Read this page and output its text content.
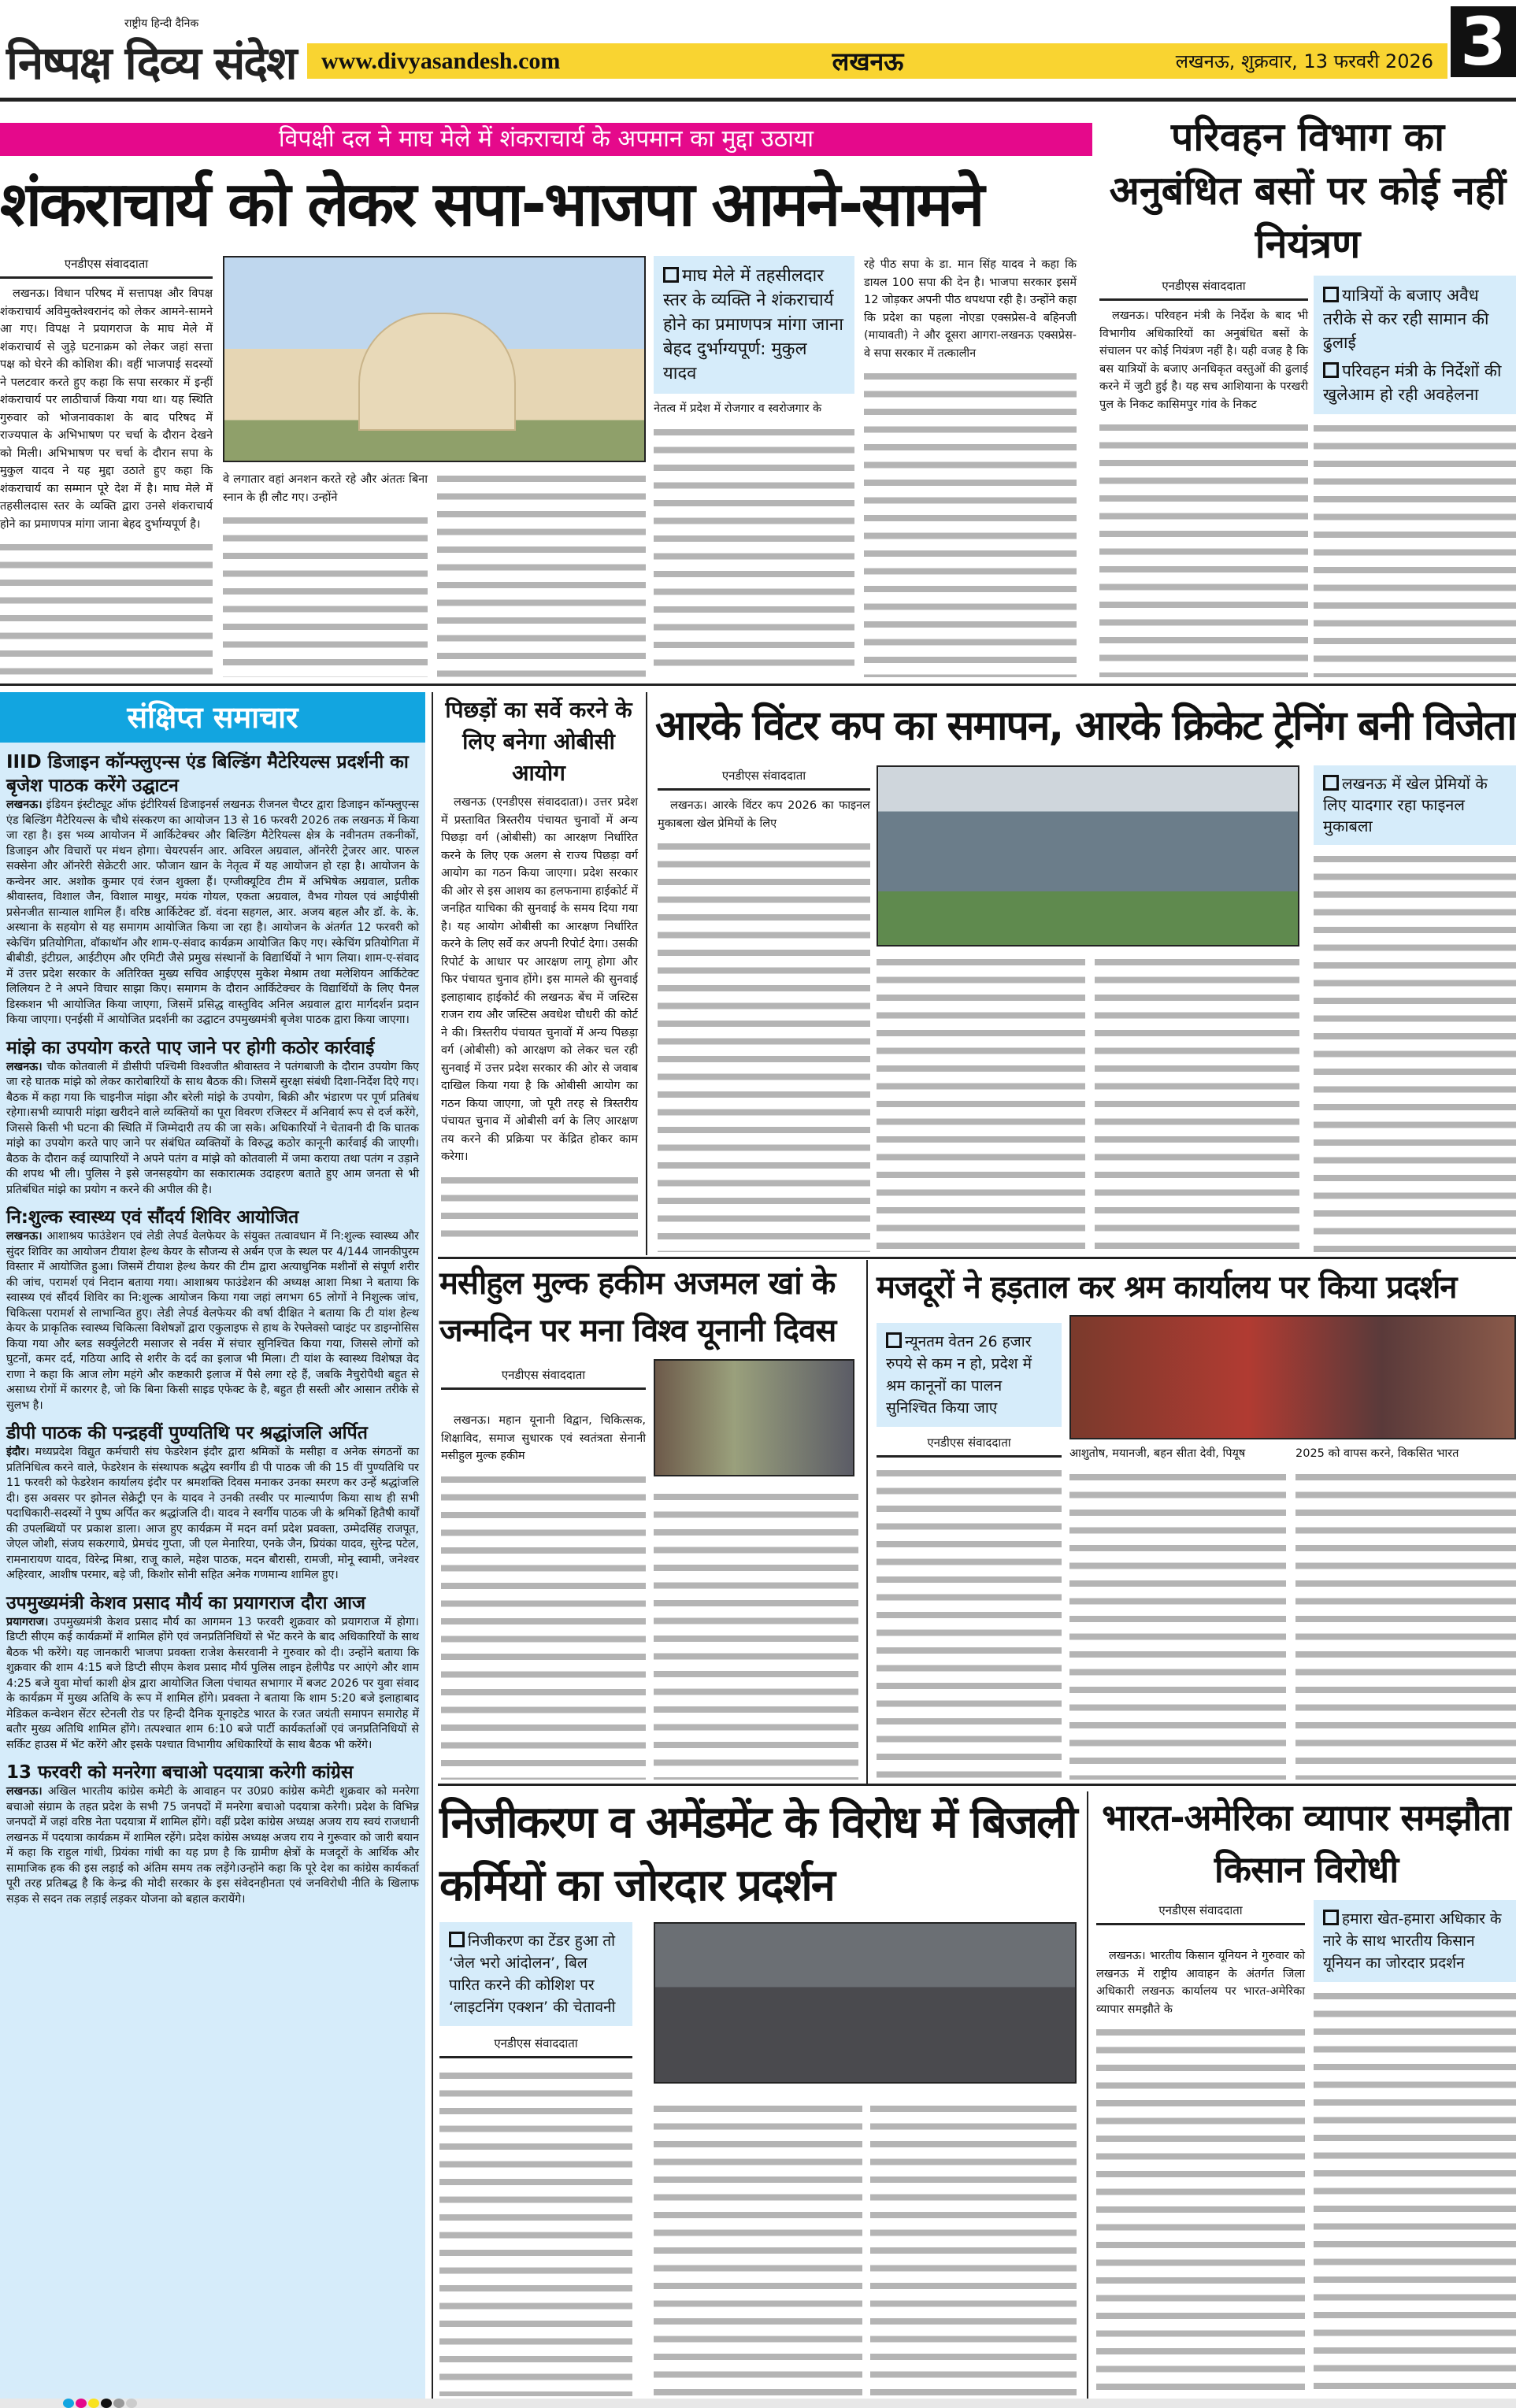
राष्ट्रीय हिन्दी दैनिक
निष्पक्ष दिव्य संदेश www.divyasandesh.com	लखनऊ	लखनऊ, शुक्रवार, 13 फरवरी 2026 3
विपक्षी दल ने माघ मेले में शंकराचार्य के अपमान का मुद्दा उठाया
शंकराचार्य को लेकर सपा-भाजपा आमने-सामने
एनडीएस संवाददाता
लखनऊ। विधान परिषद में सत्तापक्ष और विपक्ष शंकराचार्य अविमुक्तेश्वरानंद को लेकर आमने-सामने आ गए। विपक्ष ने प्रयागराज के माघ मेले में शंकराचार्य से जुड़े घटनाक्रम को लेकर जहां सत्ता पक्ष को घेरने की कोशिश की। वहीं भाजपाई सदस्यों ने पलटवार करते हुए कहा कि सपा सरकार में इन्हीं शंकराचार्य पर लाठीचार्ज किया गया था। यह स्थिति गुरुवार को भोजनावकाश के बाद परिषद में राज्यपाल के अभिभाषण पर चर्चा के दौरान देखने को मिली। अभिभाषण पर चर्चा के दौरान सपा के मुकुल यादव ने यह मुद्दा उठाते हुए कहा कि शंकराचार्य का सम्मान पूरे देश में है। माघ मेले में तहसीलदास स्तर के व्यक्ति द्वारा उनसे शंकराचार्य होने का प्रमाणपत्र मांगा जाना बेहद दुर्भाग्यपूर्ण है।
वे लगातार वहां अनशन करते रहे और अंततः बिना स्नान के ही लौट गए। उन्होंने

माघ मेले में तहसीलदार स्तर के व्यक्ति ने शंकराचार्य होने का प्रमाणपत्र मांगा जाना बेहद दुर्भाग्यपूर्ण: मुकुल यादव

नेतत्व में प्रदेश में रोजगार व स्वरोजगार के
रहे पीठ सपा के डा. मान सिंह यादव ने कहा कि डायल 100 सपा की देन है। भाजपा सरकार इसमें 12 जोड़कर अपनी पीठ थपथपा रही है। उन्होंने कहा कि प्रदेश का पहला नोएडा एक्सप्रेस-वे बहिनजी (मायावती) ने और दूसरा आगरा-लखनऊ एक्सप्रेस-वे सपा सरकार में तत्कालीन
परिवहन विभाग का अनुबंधित बसों पर कोई नहीं नियंत्रण
एनडीएस संवाददाता
लखनऊ। परिवहन मंत्री के निर्देश के बाद भी विभागीय अधिकारियों का अनुबंधित बसों के संचालन पर कोई नियंत्रण नहीं है। यही वजह है कि बस यात्रियों के बजाए अनधिकृत वस्तुओं की ढुलाई करने में जुटी हुई है। यह सच आशियाना के परखरी पुल के निकट कासिमपुर गांव के निकट

यात्रियों के बजाए अवैध तरीके से कर रही सामान की ढुलाई

परिवहन मंत्री के निर्देशों की खुलेआम हो रही अवहेलना

संक्षिप्त समाचार
IIID डिजाइन कॉन्फ्लुएन्स एंड बिल्डिंग मैटेरियल्स प्रदर्शनी का बृजेश पाठक करेंगे उद्घाटन

लखनऊ। इंडियन इंस्टीट्यूट ऑफ इंटीरियर्स डिजाइनर्स लखनऊ रीजनल चैप्टर द्वारा डिजाइन कॉन्फ्लुएन्स एंड बिल्डिंग मैटेरियल्स के चौथे संस्करण का आयोजन 13 से 16 फरवरी 2026 तक लखनऊ में किया जा रहा है। इस भव्य आयोजन में आर्किटेक्चर और बिल्डिंग मैटेरियल्स क्षेत्र के नवीनतम तकनीकों, डिजाइन और विचारों पर मंथन होगा। चेयरपर्सन आर. अविरल अग्रवाल, ऑनरेरी ट्रेजरर आर. पारुल सक्सेना और ऑनरेरी सेक्रेटरी आर. फौजान खान के नेतृत्व में यह आयोजन हो रहा है। आयोजन के कन्वेनर आर. अशोक कुमार एवं रंजन शुक्ला हैं। एग्जीक्यूटिव टीम में अभिषेक अग्रवाल, प्रतीक श्रीवास्तव, विशाल जैन, विशाल माथुर, मयंक गोयल, एकता अग्रवाल, वैभव गोयल एवं आईपीसी प्रसेनजीत सान्याल शामिल हैं। वरिष्ठ आर्किटेक्ट डॉ. वंदना सहगल, आर. अजय बहल और डॉ. के. के. अस्थाना के सहयोग से यह समागम आयोजित किया जा रहा है। आयोजन के अंतर्गत 12 फरवरी को स्केचिंग प्रतियोगिता, वॉकाथॉन और शाम-ए-संवाद कार्यक्रम आयोजित किए गए। स्केचिंग प्रतियोगिता में बीबीडी, इंटीग्रल, आईटीएम और एमिटी जैसे प्रमुख संस्थानों के विद्यार्थियों ने भाग लिया। शाम-ए-संवाद में उत्तर प्रदेश सरकार के अतिरिक्त मुख्य सचिव आईएएस मुकेश मेश्राम तथा मलेशियन आर्किटेक्ट लिलियन टे ने अपने विचार साझा किए। समागम के दौरान आर्किटेक्चर के विद्यार्थियों के लिए पैनल डिस्कशन भी आयोजित किया जाएगा, जिसमें प्रसिद्ध वास्तुविद अनिल अग्रवाल द्वारा मार्गदर्शन प्रदान किया जाएगा। एनईसी में आयोजित प्रदर्शनी का उद्घाटन उपमुख्यमंत्री बृजेश पाठक द्वारा किया जाएगा।

मांझे का उपयोग करते पाए जाने पर होगी कठोर कार्रवाई

लखनऊ। चौक कोतवाली में डीसीपी पश्चिमी विश्वजीत श्रीवास्तव ने पतंगबाजी के दौरान उपयोग किए जा रहे घातक मांझे को लेकर कारोबारियों के साथ बैठक की। जिसमें सुरक्षा संबंधी दिशा-निर्देश दिऐ गए। बैठक में कहा गया कि चाइनीज मांझा और बरेली मांझे के उपयोग, बिक्री और भंडारण पर पूर्ण प्रतिबंध रहेगा।सभी व्यापारी मांझा खरीदने वाले व्यक्तियों का पूरा विवरण रजिस्टर में अनिवार्य रूप से दर्ज करेंगे, जिससे किसी भी घटना की स्थिति में जिम्मेदारी तय की जा सके। अधिकारियों ने चेतावनी दी कि घातक मांझे का उपयोग करते पाए जाने पर संबंधित व्यक्तियों के विरुद्ध कठोर कानूनी कार्रवाई की जाएगी। बैठक के दौरान कई व्यापारियों ने अपने पतंग व मांझे को कोतवाली में जमा कराया तथा पतंग न उड़ाने की शपथ भी ली। पुलिस ने इसे जनसहयोग का सकारात्मक उदाहरण बताते हुए आम जनता से भी प्रतिबंधित मांझे का प्रयोग न करने की अपील की है।

नि:शुल्क स्वास्थ्य एवं सौंदर्य शिविर आयोजित

लखनऊ। आशाश्रय फाउंडेशन एवं लेडी लेपर्ड वेलफेयर के संयुक्त तत्वावधान में नि:शुल्क स्वास्थ्य और सुंदर शिविर का आयोजन टीयाश हेल्थ केयर के सौजन्य से अर्बन एज के स्थल पर 4/144 जानकीपुरम विस्तार में आयोजित हुआ। जिसमें टीयाश हेल्थ केयर की टीम द्वारा अत्याधुनिक मशीनों से संपूर्ण शरीर की जांच, परामर्श एवं निदान बताया गया। आशाश्रय फाउंडेशन की अध्यक्ष आशा मिश्रा ने बताया कि स्वास्थ्य एवं सौंदर्य शिविर का नि:शुल्क आयोजन किया गया जहां लगभग 65 लोगों ने निशुल्क जांच, चिकित्सा परामर्श से लाभान्वित हुए। लेडी लेपर्ड वेलफेयर की वर्षा दीक्षित ने बताया कि टी यांश हेल्थ केयर के प्राकृतिक स्वास्थ्य चिकित्सा विशेषज्ञों द्वारा एकुलाइफ से हाथ के रेफ्लेक्सो प्वाइंट पर डाइग्नोसिस किया गया और ब्लड सर्क्युलेटरी मसाजर से नर्वस में संचार सुनिश्चित किया गया, जिससे लोगों को घुटनों, कमर दर्द, गठिया आदि से शरीर के दर्द का इलाज भी मिला। टी यांश के स्वास्थ्य विशेषज्ञ वेद राणा ने कहा कि आज लोग महंगे और कष्टकारी इलाज में पैसे लगा रहे हैं, जबकि नैचुरोपैथी बहुत से असाध्य रोगों में कारगर है, जो कि बिना किसी साइड एफेक्ट के है, बहुत ही सस्ती और आसान तरीके से सुलभ है।

डीपी पाठक की पन्द्रहवीं पुण्यतिथि पर श्रद्धांजलि अर्पित

इंदौर। मध्यप्रदेश विद्युत कर्मचारी संघ फेडरेशन इंदौर द्वारा श्रमिकों के मसीहा व अनेक संगठनों का प्रतिनिधित्व करने वाले, फेडरेशन के संस्थापक श्रद्धेय स्वर्गीय डी पी पाठक जी की 15 वीं पुण्यतिथि पर 11 फरवरी को फेडरेशन कार्यालय इंदौर पर श्रमशक्ति दिवस मनाकर उनका स्मरण कर उन्हें श्रद्धांजलि दी। इस अवसर पर झोनल सेक्रेट्री एन के यादव ने उनकी तस्वीर पर माल्यार्पण किया साथ ही सभी पदाधिकारी-सदस्यों ने पुष्प अर्पित कर श्रद्धांजलि दी। यादव ने स्वर्गीय पाठक जी के श्रमिकों हितैषी कार्यों की उपलब्धियों पर प्रकाश डाला। आज हुए कार्यक्रम में मदन वर्मा प्रदेश प्रवक्ता, उम्मेदसिंह राजपूत, जेएल जोशी, संजय सकरगाये, प्रेमचंद गुप्ता, जी एल मेनारिया, एनके जैन, प्रियंका यादव, सुरेन्द्र पटेल, रामनारायण यादव, विरेन्द्र मिश्रा, राजू काले, महेश पाठक, मदन बौरासी, रामजी, मोनू स्वामी, जनेश्वर अहिरवार, आशीष परमार, बड़े जी, किशोर सोनी सहित अनेक गणमान्य शामिल हुए।

उपमुख्यमंत्री केशव प्रसाद मौर्य का प्रयागराज दौरा आज

प्रयागराज। उपमुख्यमंत्री केशव प्रसाद मौर्य का आगमन 13 फरवरी शुक्रवार को प्रयागराज में होगा। डिप्टी सीएम कई कार्यक्रमों में शामिल होंगे एवं जनप्रतिनिधियों से भेंट करने के बाद अधिकारियों के साथ बैठक भी करेंगे। यह जानकारी भाजपा प्रवक्ता राजेश केसरवानी ने गुरुवार को दी। उन्होंने बताया कि शुक्रवार की शाम 4:15 बजे डिप्टी सीएम केशव प्रसाद मौर्य पुलिस लाइन हेलीपैड पर आएंगे और शाम 4:25 बजे युवा मोर्चा काशी क्षेत्र द्वारा आयोजित जिला पंचायत सभागार में बजट 2026 पर युवा संवाद के कार्यक्रम में मुख्य अतिथि के रूप में शामिल होंगे। प्रवक्ता ने बताया कि शाम 5:20 बजे इलाहाबाद मेडिकल कन्वेशन सेंटर स्टेनली रोड पर हिन्दी दैनिक यूनाइटेड भारत के रजत जयंती समापन समारोह में बतौर मुख्य अतिथि शामिल होंगे। तत्पश्चात शाम 6:10 बजे पार्टी कार्यकर्ताओं एवं जनप्रतिनिधियों से सर्किट हाउस में भेंट करेंगे और इसके पश्चात विभागीय अधिकारियों के साथ बैठक भी करेंगे।

13 फरवरी को मनरेगा बचाओ पदयात्रा करेगी कांग्रेस

लखनऊ। अखिल भारतीय कांग्रेस कमेटी के आवाहन पर उ0प्र0 कांग्रेस कमेटी शुक्रवार को मनरेगा बचाओ संग्राम के तहत प्रदेश के सभी 75 जनपदों में मनरेगा बचाओ पदयात्रा करेगी। प्रदेश के विभिन्न जनपदों में जहां वरिष्ठ नेता पदयात्रा में शामिल होंगे। वहीं प्रदेश कांग्रेस अध्यक्ष अजय राय स्वयं राजधानी लखनऊ में पदयात्रा कार्यक्रम में शामिल रहेंगे। प्रदेश कांग्रेस अध्यक्ष अजय राय ने गुरूवार को जारी बयान में कहा कि राहुल गांधी, प्रियंका गांधी का यह प्रण है कि ग्रामीण क्षेत्रों के मजदूरों के आर्थिक और सामाजिक हक की इस लड़ाई को अंतिम समय तक लड़ेंगे।उन्होंने कहा कि पूरे देश का कांग्रेस कार्यकर्ता पूरी तरह प्रतिबद्ध है कि केन्द्र की मोदी सरकार के इस संवेदनहीनता एवं जनविरोधी नीति के खिलाफ सड़क से सदन तक लड़ाई लड़कर योजना को बहाल करायेंगे।

पिछड़ों का सर्वे करने के लिए बनेगा ओबीसी आयोग
लखनऊ (एनडीएस संवाददाता)। उत्तर प्रदेश में प्रस्तावित त्रिस्तरीय पंचायत चुनावों में अन्य पिछड़ा वर्ग (ओबीसी) का आरक्षण निर्धारित करने के लिए एक अलग से राज्य पिछड़ा वर्ग आयोग का गठन किया जाएगा। प्रदेश सरकार की ओर से इस आशय का हलफनामा हाईकोर्ट में जनहित याचिका की सुनवाई के समय दिया गया है। यह आयोग ओबीसी का आरक्षण निर्धारित करने के लिए सर्वे कर अपनी रिपोर्ट देगा। उसकी रिपोर्ट के आधार पर आरक्षण लागू होगा और फिर पंचायत चुनाव होंगे। इस मामले की सुनवाई इलाहाबाद हाईकोर्ट की लखनऊ बेंच में जस्टिस राजन राय और जस्टिस अवधेश चौधरी की कोर्ट ने की। त्रिस्तरीय पंचायत चुनावों में अन्य पिछड़ा वर्ग (ओबीसी) को आरक्षण को लेकर चल रही सुनवाई में उत्तर प्रदेश सरकार की ओर से जवाब दाखिल किया गया है कि ओबीसी आयोग का गठन किया जाएगा, जो पूरी तरह से त्रिस्तरीय पंचायत चुनाव में ओबीसी वर्ग के लिए आरक्षण तय करने की प्रक्रिया पर केंद्रित होकर काम करेगा।
आरके विंटर कप का समापन, आरके क्रिकेट ट्रेनिंग बनी विजेता
एनडीएस संवाददाता
लखनऊ। आरके विंटर कप 2026 का फाइनल मुकाबला खेल प्रेमियों के लिए

लखनऊ में खेल प्रेमियों के लिए यादगार रहा फाइनल मुकाबला

मसीहुल मुल्क हकीम अजमल खां के जन्मदिन पर मना विश्व यूनानी दिवस
एनडीएस संवाददाता
लखनऊ। महान यूनानी विद्वान, चिकित्सक, शिक्षाविद, समाज सुधारक एवं स्वतंत्रता सेनानी मसीहुल मुल्क हकीम
मजदूरों ने हड़ताल कर श्रम कार्यालय पर किया प्रदर्शन

न्यूनतम वेतन 26 हजार रुपये से कम न हो, प्रदेश में श्रम कानूनों का पालन सुनिश्चित किया जाए

एनडीएस संवाददाता
आशुतोष, मयानजी, बहन सीता देवी, पियूष	2025 को वापस करने, विकसित भारत
निजीकरण व अमेंडमेंट के विरोध में बिजली कर्मियों का जोरदार प्रदर्शन

निजीकरण का टेंडर हुआ तो ‘जेल भरो आंदोलन’, बिल पारित करने की कोशिश पर ‘लाइटनिंग एक्शन’ की चेतावनी

एनडीएस संवाददाता
भारत-अमेरिका व्यापार समझौता किसान विरोधी
एनडीएस संवाददाता
लखनऊ। भारतीय किसान यूनियन ने गुरुवार को लखनऊ में राष्ट्रीय आवाहन के अंतर्गत जिला अधिकारी लखनऊ कार्यालय पर भारत-अमेरिका व्यापार समझौते के

हमारा खेत-हमारा अधिकार के नारे के साथ भारतीय किसान यूनियन का जोरदार प्रदर्शन
